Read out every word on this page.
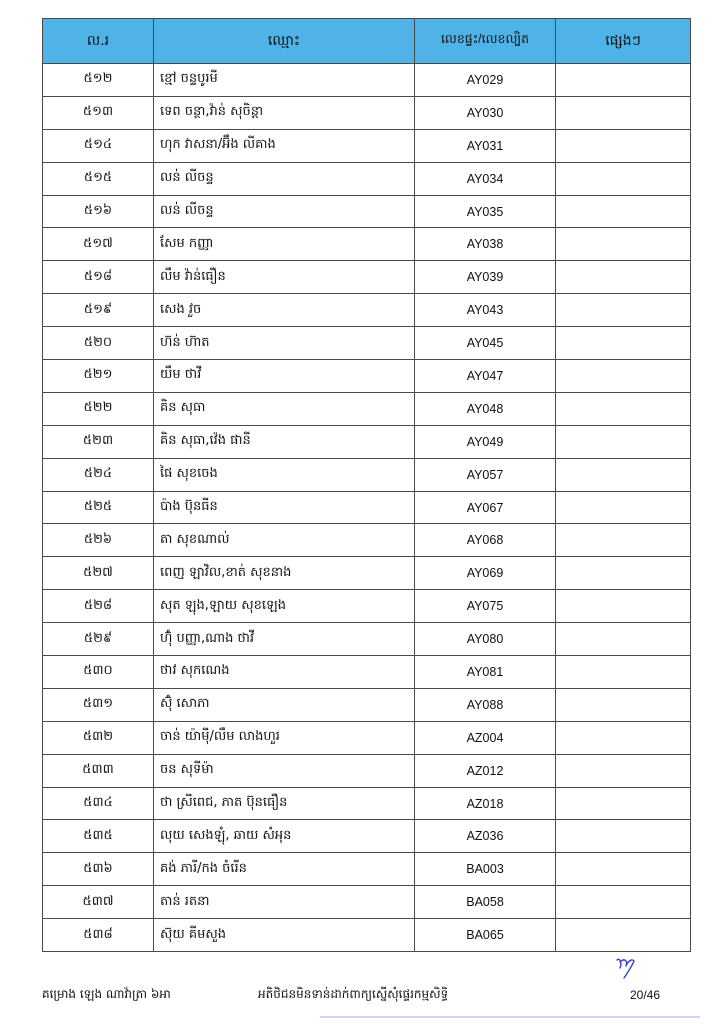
ល.រ	ឈ្មោះ	លេខផ្ទះ/លេខល្បិត	ផ្សេងៗ
៥១២	ខ្មៅ ចន្ទបូរមី	AY029	
៥១៣	ទេព ចន្ថា,វ៉ាន់ សុចិន្តា	AY030	
៥១៤	ហុក វាសនា/អ៊ឹង លីគាង	AY031	
៥១៥	លន់ លីចន្ទ	AY034	
៥១៦	លន់ លីចន្ទ	AY035	
៥១៧	សែម កញ្ញា	AY038	
៥១៨	លឹម វ៉ាន់ធឿន	AY039	
៥១៩	សេង វួច	AY043	
៥២០	ហ៊ន់ ហ៊ាត	AY045	
៥២១	យឹម ថាវី	AY047	
៥២២	គិន សុធា	AY048	
៥២៣	គិន សុធា,វ៉េង ផានី	AY049	
៥២៤	ផៃ សុខចេង	AY057	
៥២៥	ប៉ាង ប៊ុនធីន	AY067	
៥២៦	តា សុខណាល់	AY068	
៥២៧	ពេញ ឡាវិល,ខាត់ សុខនាង	AY069	
៥២៨	សុត ឡុង,ឡាយ សុខឡេង	AY075	
៥២៩	ហ៊ុំ បញ្ញា,ណាង ថាវី	AY080	
៥៣០	ថាវ សុកណេង	AY081	
៥៣១	ស៊ុំ សោភា	AY088	
៥៣២	ចាន់ យ៉ាម៉ី/លឹម លាងហួរ	AZ004	
៥៣៣	ចន សុទីម៉ា	AZ012	
៥៣៤	ថា ស្រីពេជ, ភាត ប៊ុនធឿន	AZ018	
៥៣៥	លុយ សេងឡុំ, ឆាយ សំអុន	AZ036	
៥៣៦	គង់ ភារី/កង ចំរើន	BA003	
៥៣៧	តាន់ រតនា	BA058	
៥៣៨	ស៊ុយ គីមសួង	BA065	
គម្រោង ឡេង ណាវ៉ាត្រា ៦អា	អតិថិជនមិនទាន់ដាក់ពាក្យស្នើសុំផ្ទេរកម្មសិទ្ធិ	20/46
